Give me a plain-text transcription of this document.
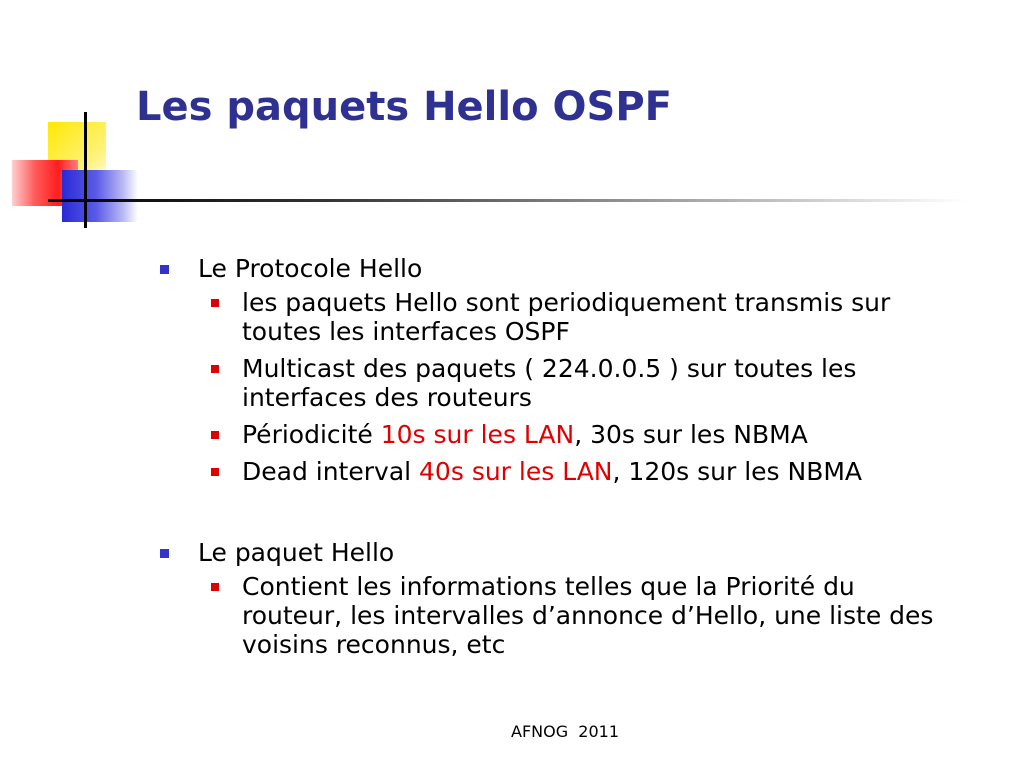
Les paquets Hello OSPF
Le Protocole Hello
les paquets Hello sont periodiquement transmis sur toutes les interfaces OSPF
Multicast des paquets ( 224.0.0.5 ) sur toutes les interfaces des routeurs
Périodicité 10s sur les LAN, 30s sur les NBMA
Dead interval 40s sur les LAN, 120s sur les NBMA
Le paquet Hello
Contient les informations telles que la Priorité du routeur, les intervalles d’annonce d’Hello, une liste des voisins reconnus, etc
AFNOG  2011
